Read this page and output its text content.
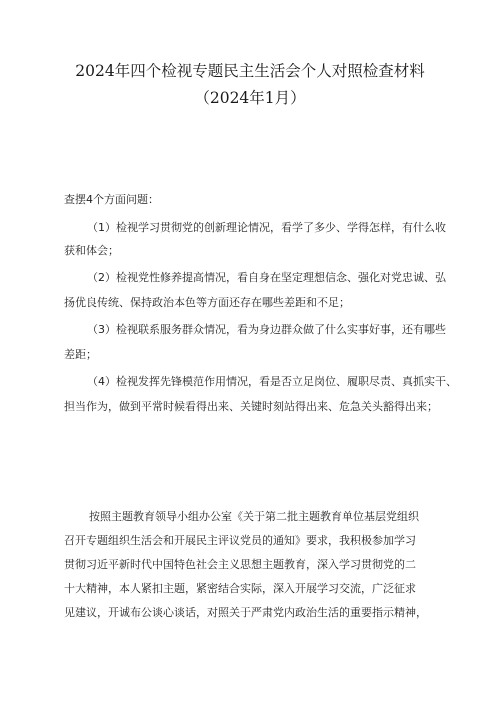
2024年四个检视专题民主生活会个人对照检查材料
（2024年1月）
查摆4个方面问题：
（1）检视学习贯彻党的创新理论情况，看学了多少、学得怎样，有什么收
获和体会；
（2）检视党性修养提高情况，看自身在坚定理想信念、强化对党忠诚、弘
扬优良传统、保持政治本色等方面还存在哪些差距和不足；
（3）检视联系服务群众情况，看为身边群众做了什么实事好事，还有哪些
差距；
（4）检视发挥先锋模范作用情况，看是否立足岗位、履职尽责、真抓实干、
担当作为，做到平常时候看得出来、关键时刻站得出来、危急关头豁得出来；
按照主题教育领导小组办公室《关于第二批主题教育单位基层党组织
召开专题组织生活会和开展民主评议党员的通知》要求，我积极参加学习
贯彻习近平新时代中国特色社会主义思想主题教育，深入学习贯彻党的二
十大精神，本人紧扣主题，紧密结合实际，深入开展学习交流，广泛征求
见建议，开诚布公谈心谈话，对照关于严肃党内政治生活的重要指示精神，
